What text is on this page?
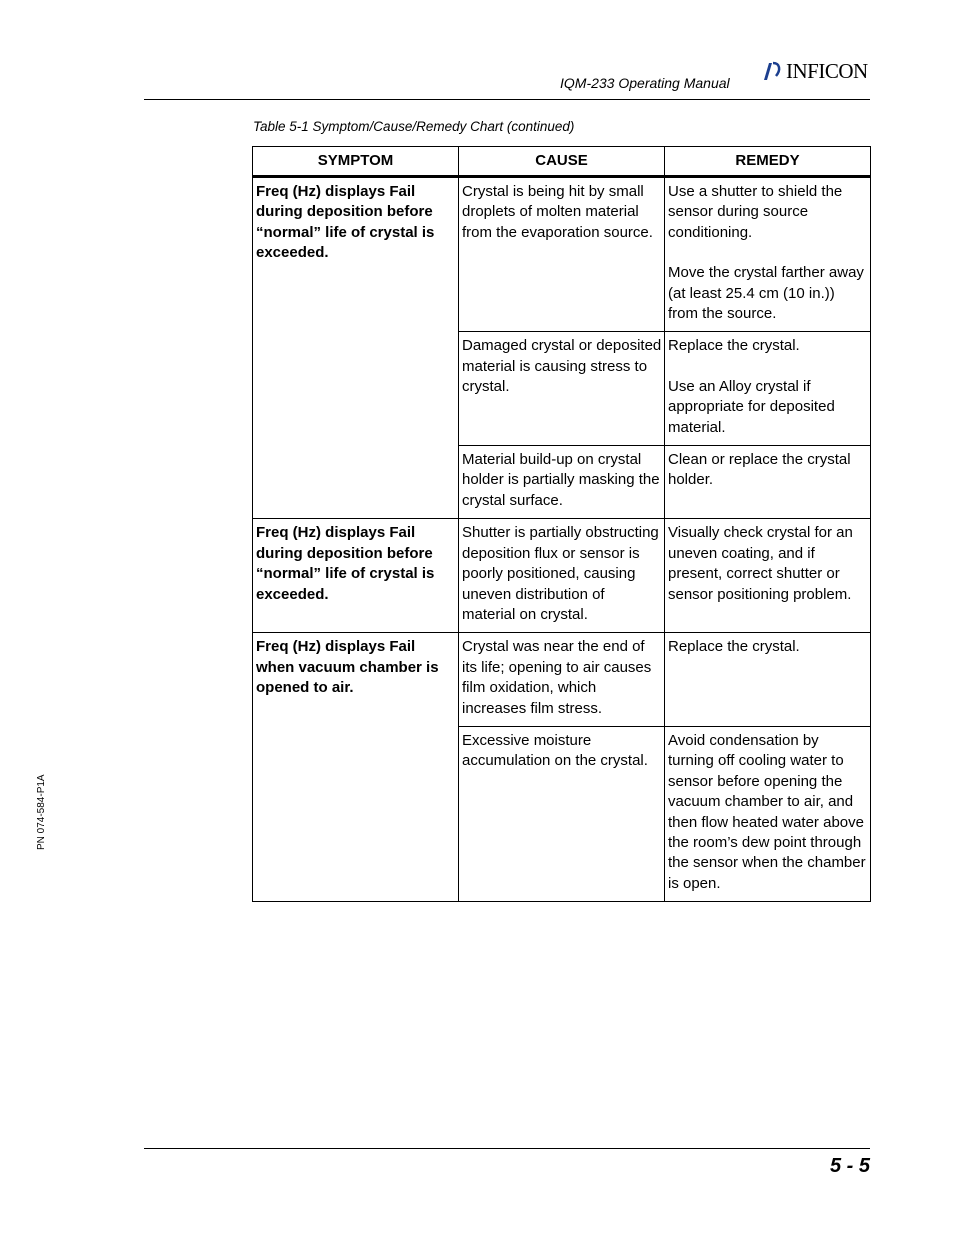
IQM-233 Operating Manual
INFICON
Table 5-1 Symptom/Cause/Remedy Chart (continued)
PN 074-584-P1A
SYMPTOM	CAUSE	REMEDY
Freq (Hz) displays Fail during deposition before “normal” life of crystal is exceeded.	Crystal is being hit by small droplets of molten material from the evaporation source.	Use a shutter to shield the sensor during source conditioning.
Move the crystal farther away (at least 25.4 cm (10 in.)) from the source.

	Damaged crystal or deposited material is causing stress to crystal.	Replace the crystal.
Use an Alloy crystal if appropriate for deposited material.

	Material build-up on crystal holder is partially masking the crystal surface.	Clean or replace the crystal holder.

Freq (Hz) displays Fail during deposition before “normal” life of crystal is exceeded.	Shutter is partially obstructing deposition flux or sensor is poorly positioned, causing uneven distribution of material on crystal.	Visually check crystal for an uneven coating, and if present, correct shutter or sensor positioning problem.

Freq (Hz) displays Fail when vacuum chamber is opened to air.	Crystal was near the end of its life; opening to air causes film oxidation, which increases film stress.	Replace the crystal.

	Excessive moisture accumulation on the crystal.	Avoid condensation by turning off cooling water to sensor before opening the vacuum chamber to air, and then flow heated water above the room’s dew point through the sensor when the chamber is open.
5 - 5
